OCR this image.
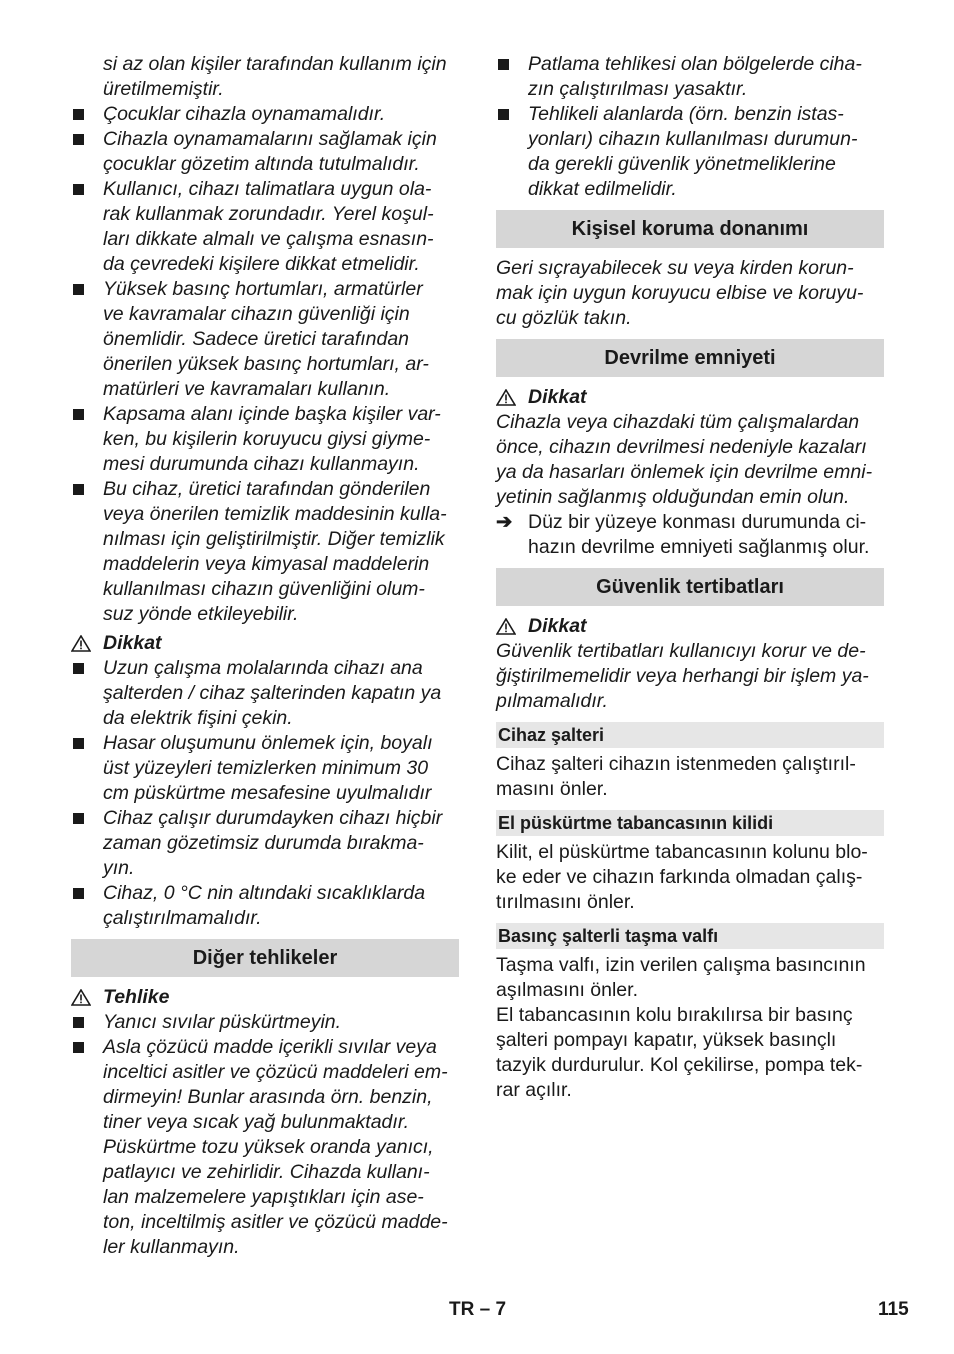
si az olan kişiler tarafından kullanım için
üretilmemiştir.
Çocuklar cihazla oynamamalıdır.
Cihazla oynamamalarını sağlamak için
çocuklar gözetim altında tutulmalıdır.
Kullanıcı, cihazı talimatlara uygun ola-
rak kullanmak zorundadır. Yerel koşul-
ları dikkate almalı ve çalışma esnasın-
da çevredeki kişilere dikkat etmelidir.
Yüksek basınç hortumları, armatürler
ve kavramalar cihazın güvenliği için
önemlidir. Sadece üretici tarafından
önerilen yüksek basınç hortumları, ar-
matürleri ve kavramaları kullanın.
Kapsama alanı içinde başka kişiler var-
ken, bu kişilerin koruyucu giysi giyme-
mesi durumunda cihazı kullanmayın.
Bu cihaz, üretici tarafından gönderilen
veya önerilen temizlik maddesinin kulla-
nılması için geliştirilmiştir. Diğer temizlik
maddelerin veya kimyasal maddelerin
kullanılması cihazın güvenliğini olum-
suz yönde etkileyebilir.
Dikkat
Uzun çalışma molalarında cihazı ana
şalterden / cihaz şalterinden kapatın ya
da elektrik fişini çekin.
Hasar oluşumunu önlemek için, boyalı
üst yüzeyleri temizlerken minimum 30
cm püskürtme mesafesine uyulmalıdır
Cihaz çalışır durumdayken cihazı hiçbir
zaman gözetimsiz durumda bırakma-
yın.
Cihaz, 0 °C nin altındaki sıcaklıklarda
çalıştırılmamalıdır.
Diğer tehlikeler
Tehlike
Yanıcı sıvılar püskürtmeyin.
Asla çözücü madde içerikli sıvılar veya
inceltici asitler ve çözücü maddeleri em-
dirmeyin! Bunlar arasında örn. benzin,
tiner veya sıcak yağ bulunmaktadır.
Püskürtme tozu yüksek oranda yanıcı,
patlayıcı ve zehirlidir. Cihazda kullanı-
lan malzemelere yapıştıkları için ase-
ton, inceltilmiş asitler ve çözücü madde-
ler kullanmayın.
Patlama tehlikesi olan bölgelerde ciha-
zın çalıştırılması yasaktır.
Tehlikeli alanlarda (örn. benzin istas-
yonları) cihazın kullanılması durumun-
da gerekli güvenlik yönetmeliklerine
dikkat edilmelidir.
Kişisel koruma donanımı
Geri sıçrayabilecek su veya kirden korun-
mak için uygun koruyucu elbise ve koruyu-
cu gözlük takın.
Devrilme emniyeti
Dikkat
Cihazla veya cihazdaki tüm çalışmalardan
önce, cihazın devrilmesi nedeniyle kazaları
ya da hasarları önlemek için devrilme emni-
yetinin sağlanmış olduğundan emin olun.
➔ Düz bir yüzeye konması durumunda ci-
hazın devrilme emniyeti sağlanmış olur.
Güvenlik tertibatları
Dikkat
Güvenlik tertibatları kullanıcıyı korur ve de-
ğiştirilmemelidir veya herhangi bir işlem ya-
pılmamalıdır.
Cihaz şalteri
Cihaz şalteri cihazın istenmeden çalıştırıl-
masını önler.
El püskürtme tabancasının kilidi
Kilit, el püskürtme tabancasının kolunu blo-
ke eder ve cihazın farkında olmadan çalış-
tırılmasını önler.
Basınç şalterli taşma valfı
Taşma valfı, izin verilen çalışma basıncının
aşılmasını önler.
El tabancasının kolu bırakılırsa bir basınç
şalteri pompayı kapatır, yüksek basınçlı
tazyik durdurulur. Kol çekilirse, pompa tek-
rar açılır.
TR – 7	115
